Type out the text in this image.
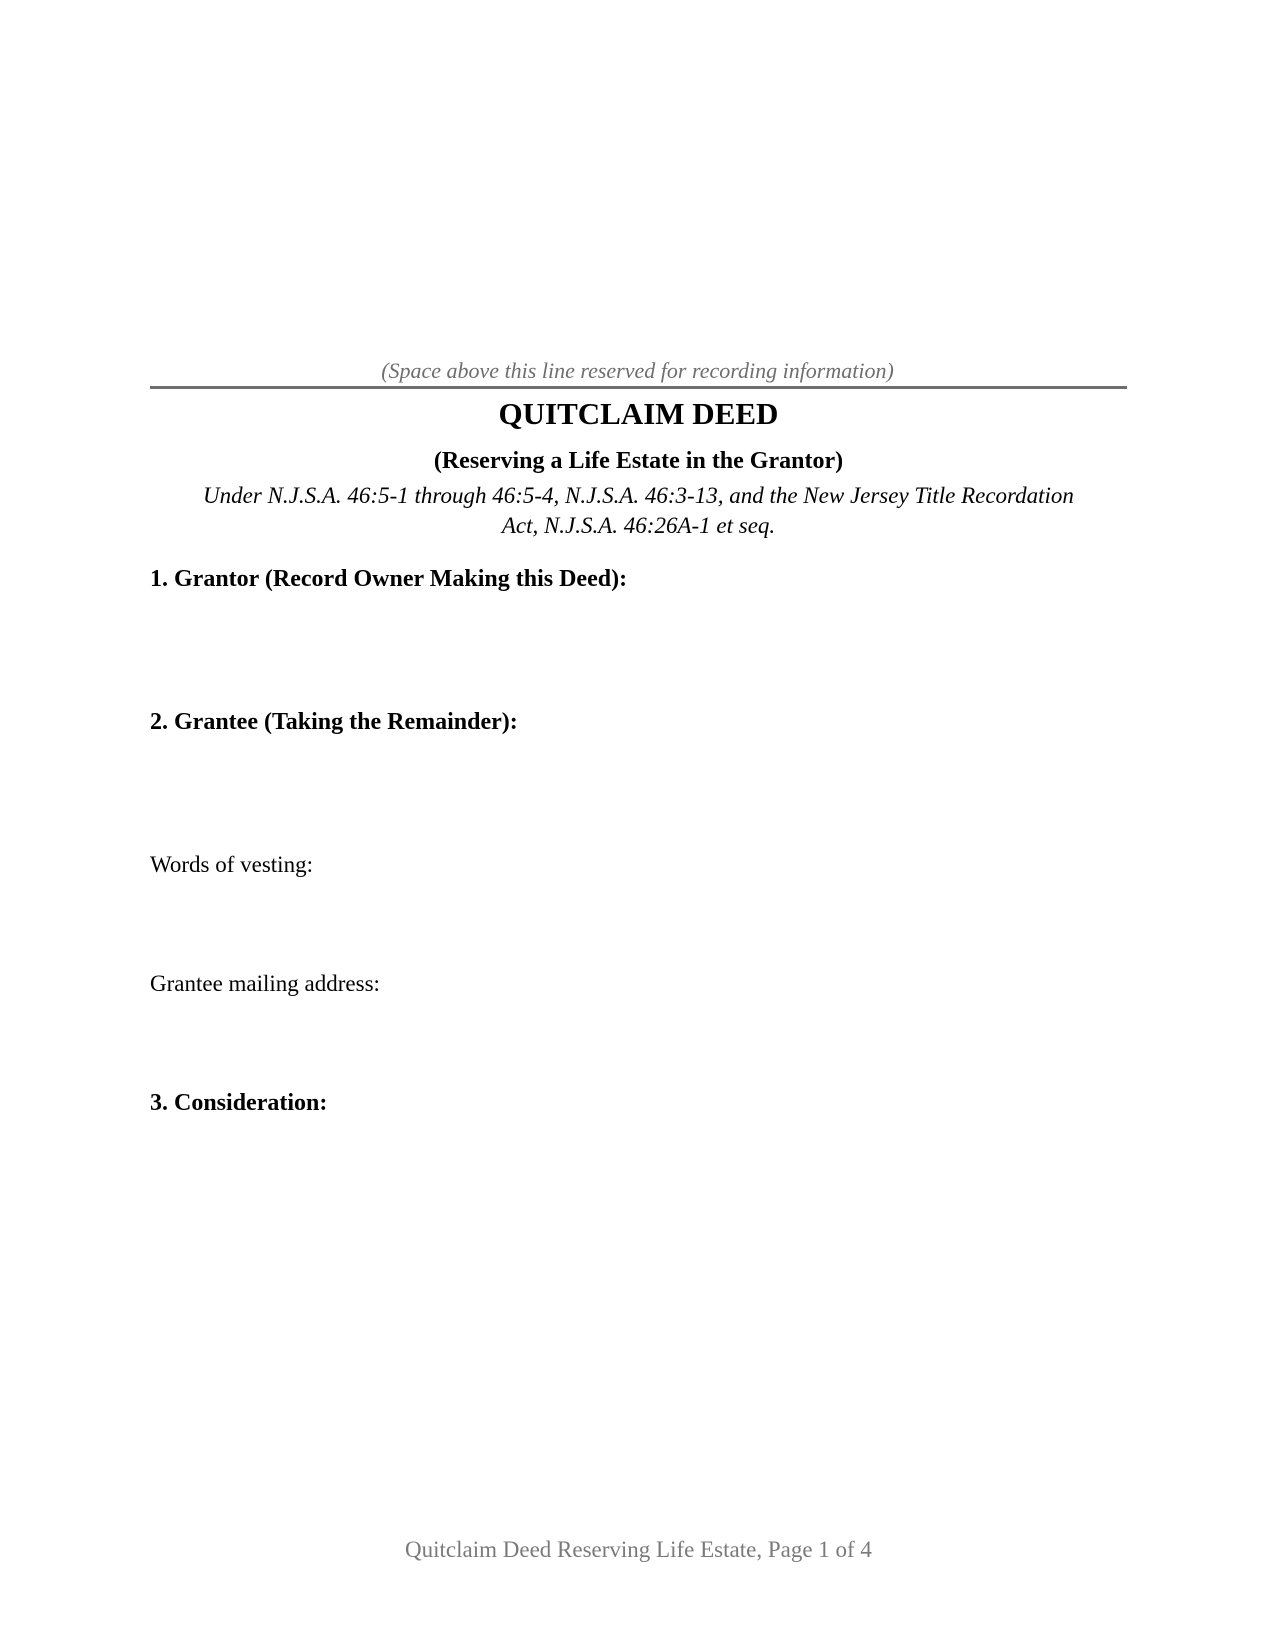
(Space above this line reserved for recording information)
QUITCLAIM DEED
(Reserving a Life Estate in the Grantor)
Under N.J.S.A. 46:5-1 through 46:5-4, N.J.S.A. 46:3-13, and the New Jersey Title Recordation
Act, N.J.S.A. 46:26A-1 et seq.
1. Grantor (Record Owner Making this Deed):
2. Grantee (Taking the Remainder):
Words of vesting:
Grantee mailing address:
3. Consideration:
Quitclaim Deed Reserving Life Estate, Page 1 of 4
